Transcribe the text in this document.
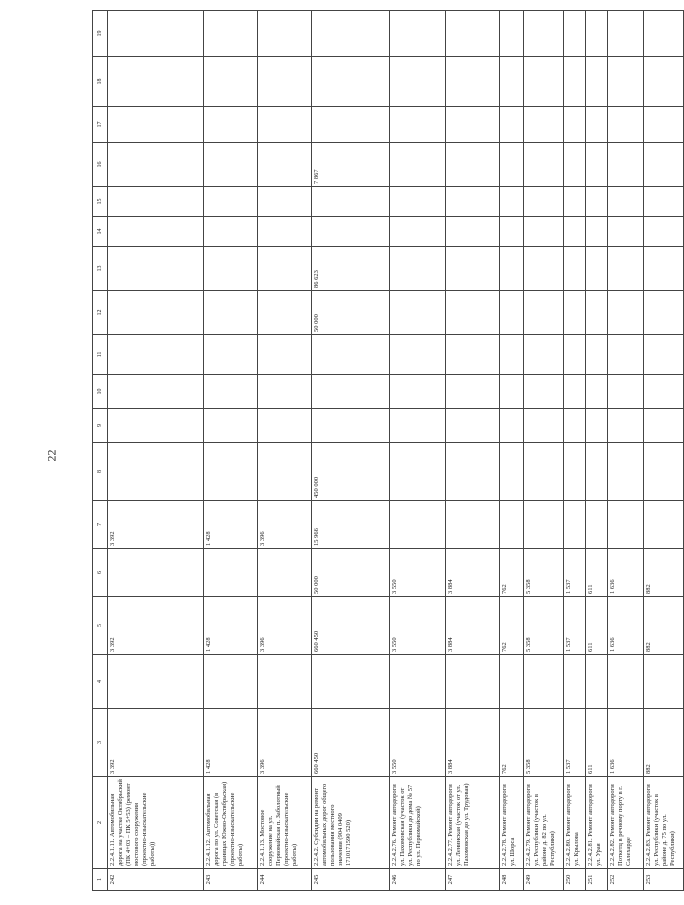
22
1	2	3	4	5	6	7	8	9	10	11	12	13	14	15	16	17	18	19
242	2.2.4.1.11. Автомобильная дорога на участке Октябрьский (ПК 4+03 – ПК 5+53) (ремонт мостового сооружения (проектно-изыскательские работы))	3 392		3 392		3 392												
243	2.2.4.1.12. Автомобильная дорога по ул. Советская (в границах Южно-Октябрьская) (проектно-изыскательские работы)	1 428		1 428		1 428												
244	2.2.4.1.13. Мостовое сооружение на ул. Первомайская п. Заболотный (проектно-изыскательские работы)	3 396		3 396		3 396												
245	2.2.4.2. Субсидии на ремонт автомобильных дорог общего пользования местного значения (904 0409 1710171590 520)	660 450		660 450	50 000	15 966	450 000				50 000	86 623			7 867			
246	2.2.4.2.76. Ремонт автодороги ул. Пахомовская (участок от ул. Республики до дома № 57 по ул. Первомайской)	3 550		3 550	3 550													
247	2.2.4.2.77. Ремонт автодороги ул. Ленинская (участок от ул. Пахомовская до ул. Трудовая)	3 884		3 884	3 884													
248	2.2.4.2.78. Ремонт автодороги ул. Шорса	762		762	762													
249	2.2.4.2.79. Ремонт автодороги ул. Республики (участок в районе д. 82 по ул. Республики)	5 358		5 358	5 358													
250	2.2.4.2.80. Ремонт автодороги ул. Крылова	1 537		1 537	1 537													
251	2.2.4.2.81. Ремонт автодороги ул. Урая	611		611	611													
252	2.2.4.2.82. Ремонт автодороги Поткетц в речному порту в г. Салехарде	1 636		1 636	1 636													
253	2.2.4.2.83. Ремонт автодороги ул. Республики (участок в районе д. 75 по ул. Республики)	882		882	882													
